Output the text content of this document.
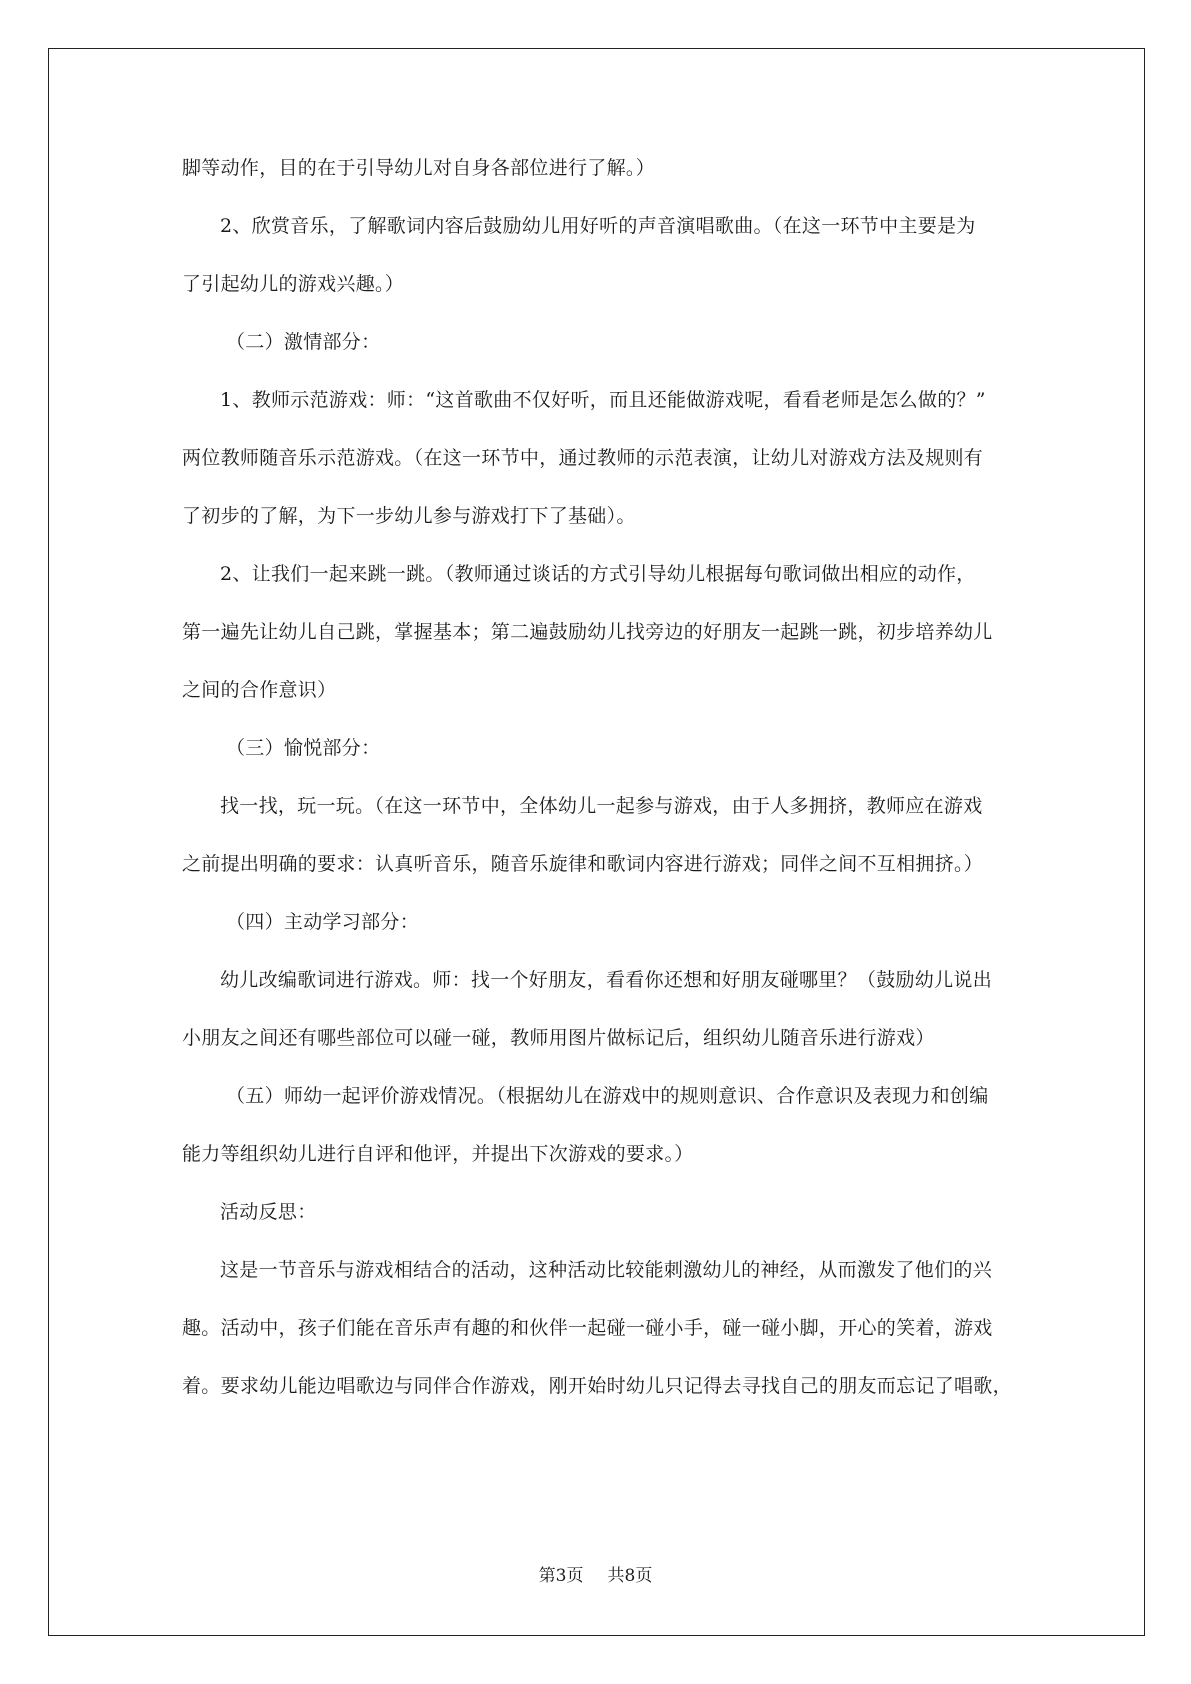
脚等动作，目的在于引导幼儿对自身各部位进行了解。）
2、欣赏音乐，了解歌词内容后鼓励幼儿用好听的声音演唱歌曲。（在这一环节中主要是为
了引起幼儿的游戏兴趣。）
（二）激情部分：
1、教师示范游戏：师：“这首歌曲不仅好听，而且还能做游戏呢，看看老师是怎么做的？”
两位教师随音乐示范游戏。（在这一环节中，通过教师的示范表演，让幼儿对游戏方法及规则有
了初步的了解，为下一步幼儿参与游戏打下了基础）。
2、让我们一起来跳一跳。（教师通过谈话的方式引导幼儿根据每句歌词做出相应的动作，
第一遍先让幼儿自己跳，掌握基本；第二遍鼓励幼儿找旁边的好朋友一起跳一跳，初步培养幼儿
之间的合作意识）
（三）愉悦部分：
找一找，玩一玩。（在这一环节中，全体幼儿一起参与游戏，由于人多拥挤，教师应在游戏
之前提出明确的要求：认真听音乐，随音乐旋律和歌词内容进行游戏；同伴之间不互相拥挤。）
（四）主动学习部分：
幼儿改编歌词进行游戏。师：找一个好朋友，看看你还想和好朋友碰哪里？（鼓励幼儿说出
小朋友之间还有哪些部位可以碰一碰，教师用图片做标记后，组织幼儿随音乐进行游戏）
（五）师幼一起评价游戏情况。（根据幼儿在游戏中的规则意识、合作意识及表现力和创编
能力等组织幼儿进行自评和他评，并提出下次游戏的要求。）
活动反思：
这是一节音乐与游戏相结合的活动，这种活动比较能刺激幼儿的神经，从而激发了他们的兴
趣。活动中，孩子们能在音乐声有趣的和伙伴一起碰一碰小手，碰一碰小脚，开心的笑着，游戏
着。要求幼儿能边唱歌边与同伴合作游戏，刚开始时幼儿只记得去寻找自己的朋友而忘记了唱歌，
第3页 共8页
